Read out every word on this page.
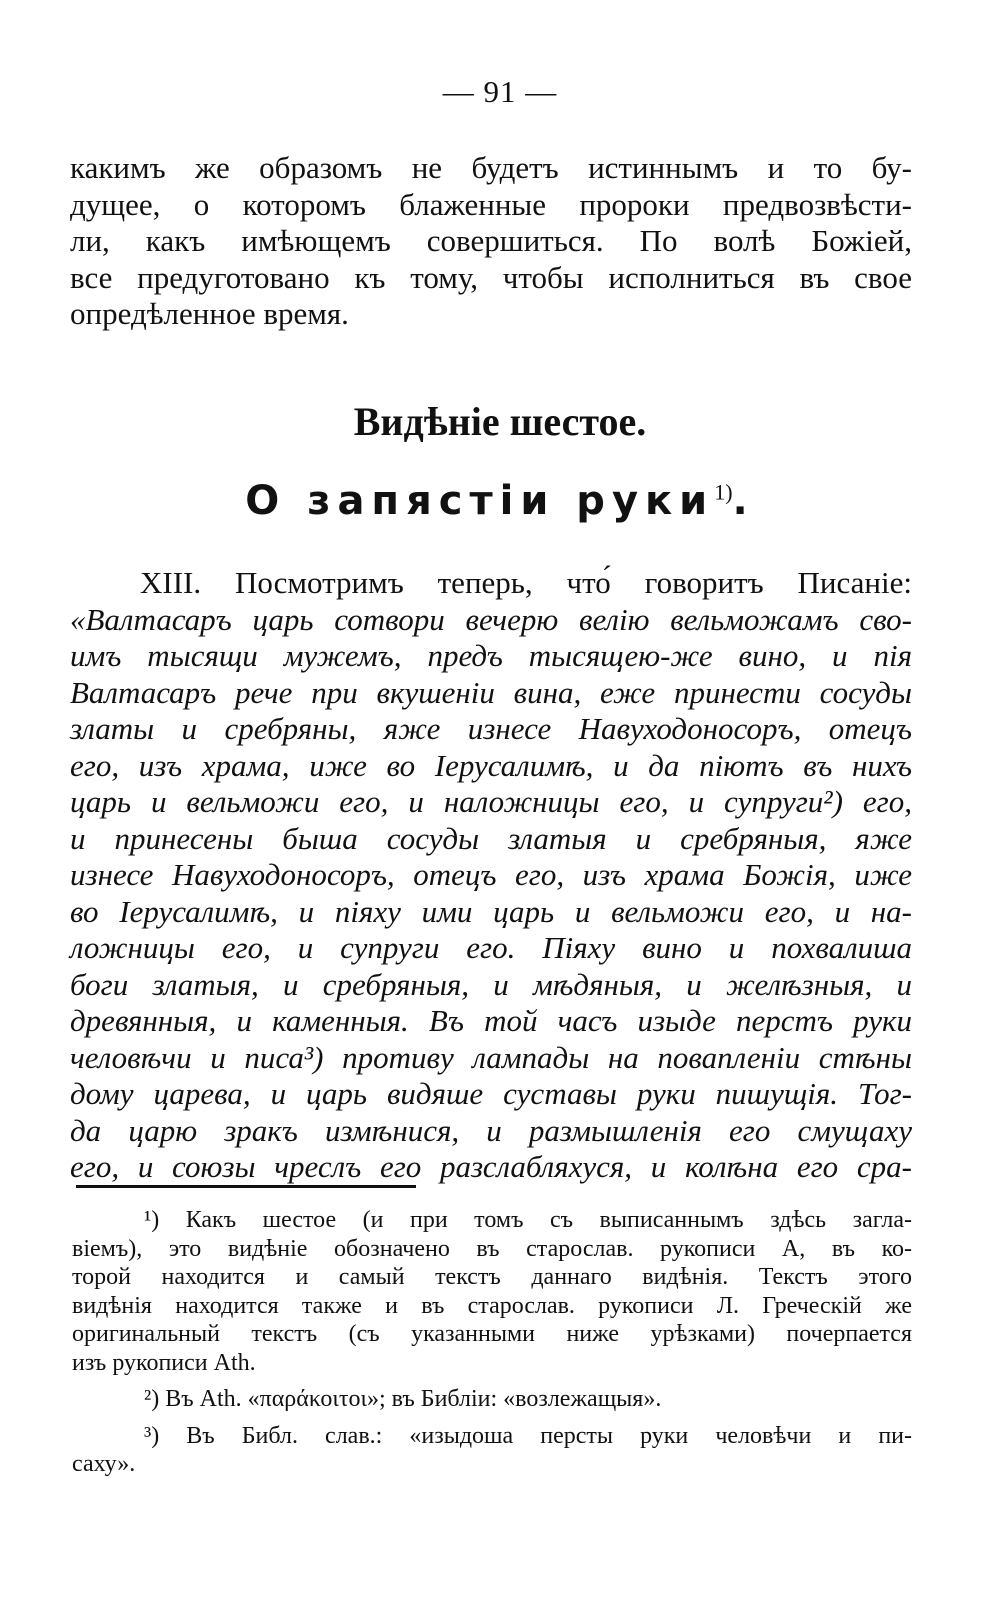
— 91 —
какимъ же образомъ не будетъ истиннымъ и то бу-
дущее, о которомъ блаженные пророки предвозвѣсти-
ли, какъ имѣющемъ совершиться. По волѣ Божіей,
все предуготовано къ тому, чтобы исполниться въ свое
опредѣленное время.
Видѣніе шестое.
О запястіи руки$^{1)}$.
XIII. Посмотримъ теперь, что́ говоритъ Писаніе:
«Валтасаръ царь сотвори вечерю велію вельможамъ сво-
имъ тысящи мужемъ, предъ тысящею-же вино, и пія
Валтасаръ рече при вкушеніи вина, еже принести сосуды
златы и сребряны, яже изнесе Навуходоносоръ, отецъ
его, изъ храма, иже во Іерусалимѣ, и да піютъ въ нихъ
царь и вельможи его, и наложницы его, и супруги²) его,
и принесены быша сосуды златыя и сребряныя, яже
изнесе Навуходоносоръ, отецъ его, изъ храма Божія, иже
во Іерусалимѣ, и піяху ими царь и вельможи его, и на-
ложницы его, и супруги его. Піяху вино и похвалиша
боги златыя, и сребряныя, и мѣдяныя, и желѣзныя, и
древянныя, и каменныя. Въ той часъ изыде перстъ руки
человѣчи и писа³) противу лампады на повапленіи стѣны
дому царева, и царь видяше суставы руки пишущія. Тог-
да царю зракъ измѣнися, и размышленія его смущаху
его, и союзы чреслъ его разслабляхуся, и колѣна его сра-
¹) Какъ шестое (и при томъ съ выписаннымъ здѣсь загла-
віемъ), это видѣніе обозначено въ старослав. рукописи А, въ ко-
торой находится и самый текстъ даннаго видѣнія. Текстъ этого
видѣнія находится также и въ старослав. рукописи Л. Греческій же
оригинальный текстъ (съ указанными ниже урѣзками) почерпается
изъ рукописи Ath.
²) Въ Ath. «παράκοιτοι»; въ Библіи: «возлежащыя».
³) Въ Библ. слав.: «изыдоша персты руки человѣчи и пи-
саху».
